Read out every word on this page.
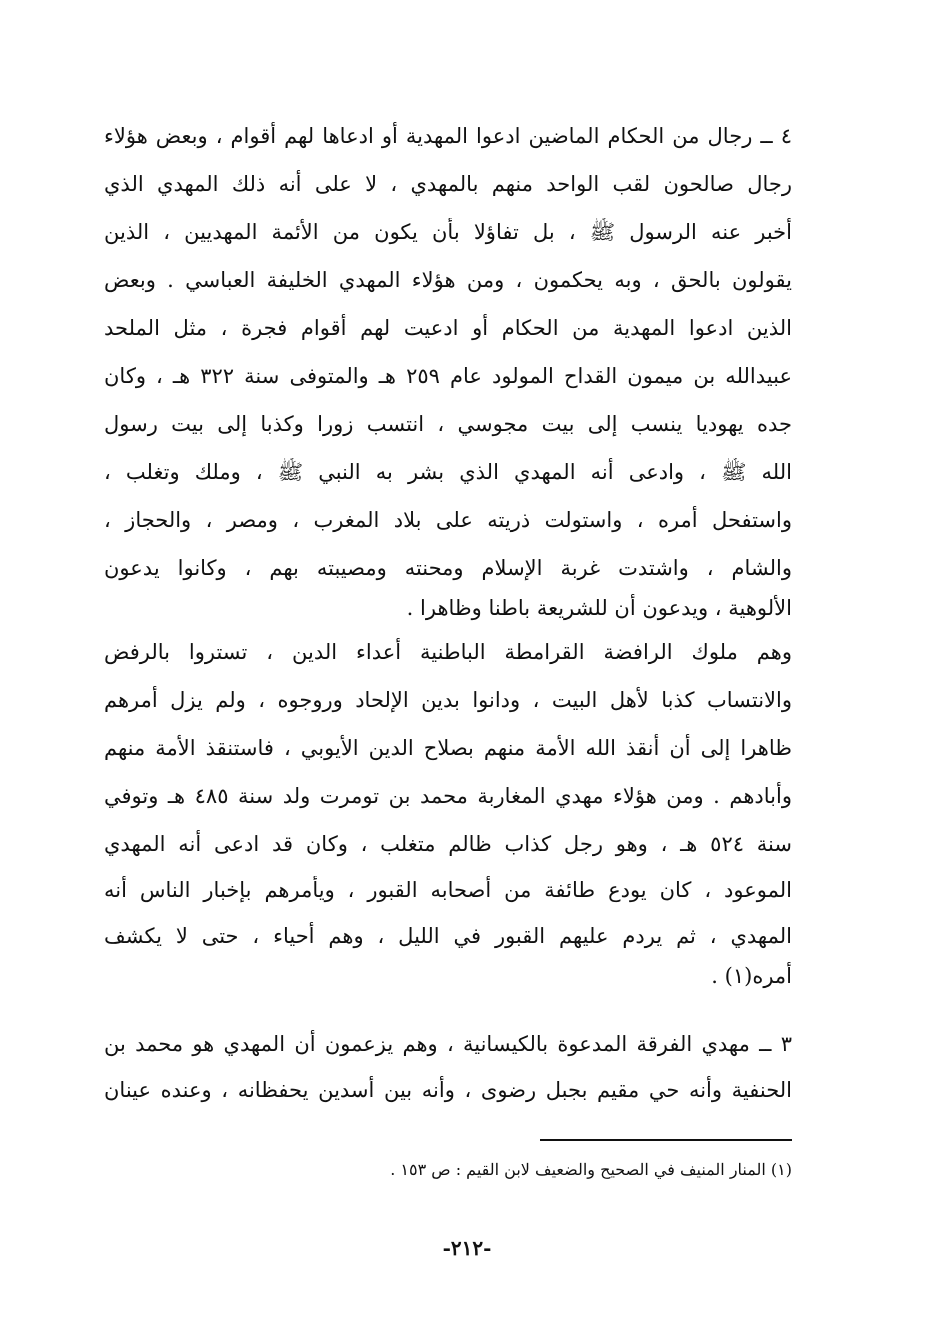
٤ ــ رجال من الحكام الماضين ادعوا المهدية أو ادعاها لهم أقوام ، وبعض هؤلاء
رجال صالحون لقب الواحد منهم بالمهدي ، لا على أنه ذلك المهدي الذي
أخبر عنه الرسول ﷺ ، بل تفاؤلا بأن يكون من الأئمة المهديين ، الذين
يقولون بالحق ، وبه يحكمون ، ومن هؤلاء المهدي الخليفة العباسي . وبعض
الذين ادعوا المهدية من الحكام أو ادعيت لهم أقوام فجرة ، مثل الملحد
عبيدالله بن ميمون القداح المولود عام ٢٥٩ هـ والمتوفى سنة ٣٢٢ هـ ، وكان
جده يهوديا ينسب إلى بيت مجوسي ، انتسب زورا وكذبا إلى بيت رسول
الله ﷺ ، وادعى أنه المهدي الذي بشر به النبي ﷺ ، وملك وتغلب ،
واستفحل أمره ، واستولت ذريته على بلاد المغرب ، ومصر ، والحجاز ،
والشام ، واشتدت غربة الإسلام ومحنته ومصيبته بهم ، وكانوا يدعون
الألوهية ، ويدعون أن للشريعة باطنا وظاهرا .
وهم ملوك الرافضة القرامطة الباطنية أعداء الدين ، تستروا بالرفض
والانتساب كذبا لأهل البيت ، ودانوا بدين الإلحاد وروجوه ، ولم يزل أمرهم
ظاهرا إلى أن أنقذ الله الأمة منهم بصلاح الدين الأيوبي ، فاستنقذ الأمة منهم
وأبادهم . ومن هؤلاء مهدي المغاربة محمد بن تومرت ولد سنة ٤٨٥ هـ وتوفي
سنة ٥٢٤ هـ ، وهو رجل كذاب ظالم متغلب ، وكان قد ادعى أنه المهدي
الموعود ، كان يودع طائفة من أصحابه القبور ، ويأمرهم بإخبار الناس أنه
المهدي ، ثم يردم عليهم القبور في الليل ، وهم أحياء ، حتى لا يكشف
أمره(١) .
٣ ــ مهدي الفرقة المدعوة بالكيسانية ، وهم يزعمون أن المهدي هو محمد بن
الحنفية وأنه حي مقيم بجبل رضوى ، وأنه بين أسدين يحفظانه ، وعنده عينان
(١) المنار المنيف في الصحيح والضعيف لابن القيم : ص ١٥٣ .
-٢١٢-
